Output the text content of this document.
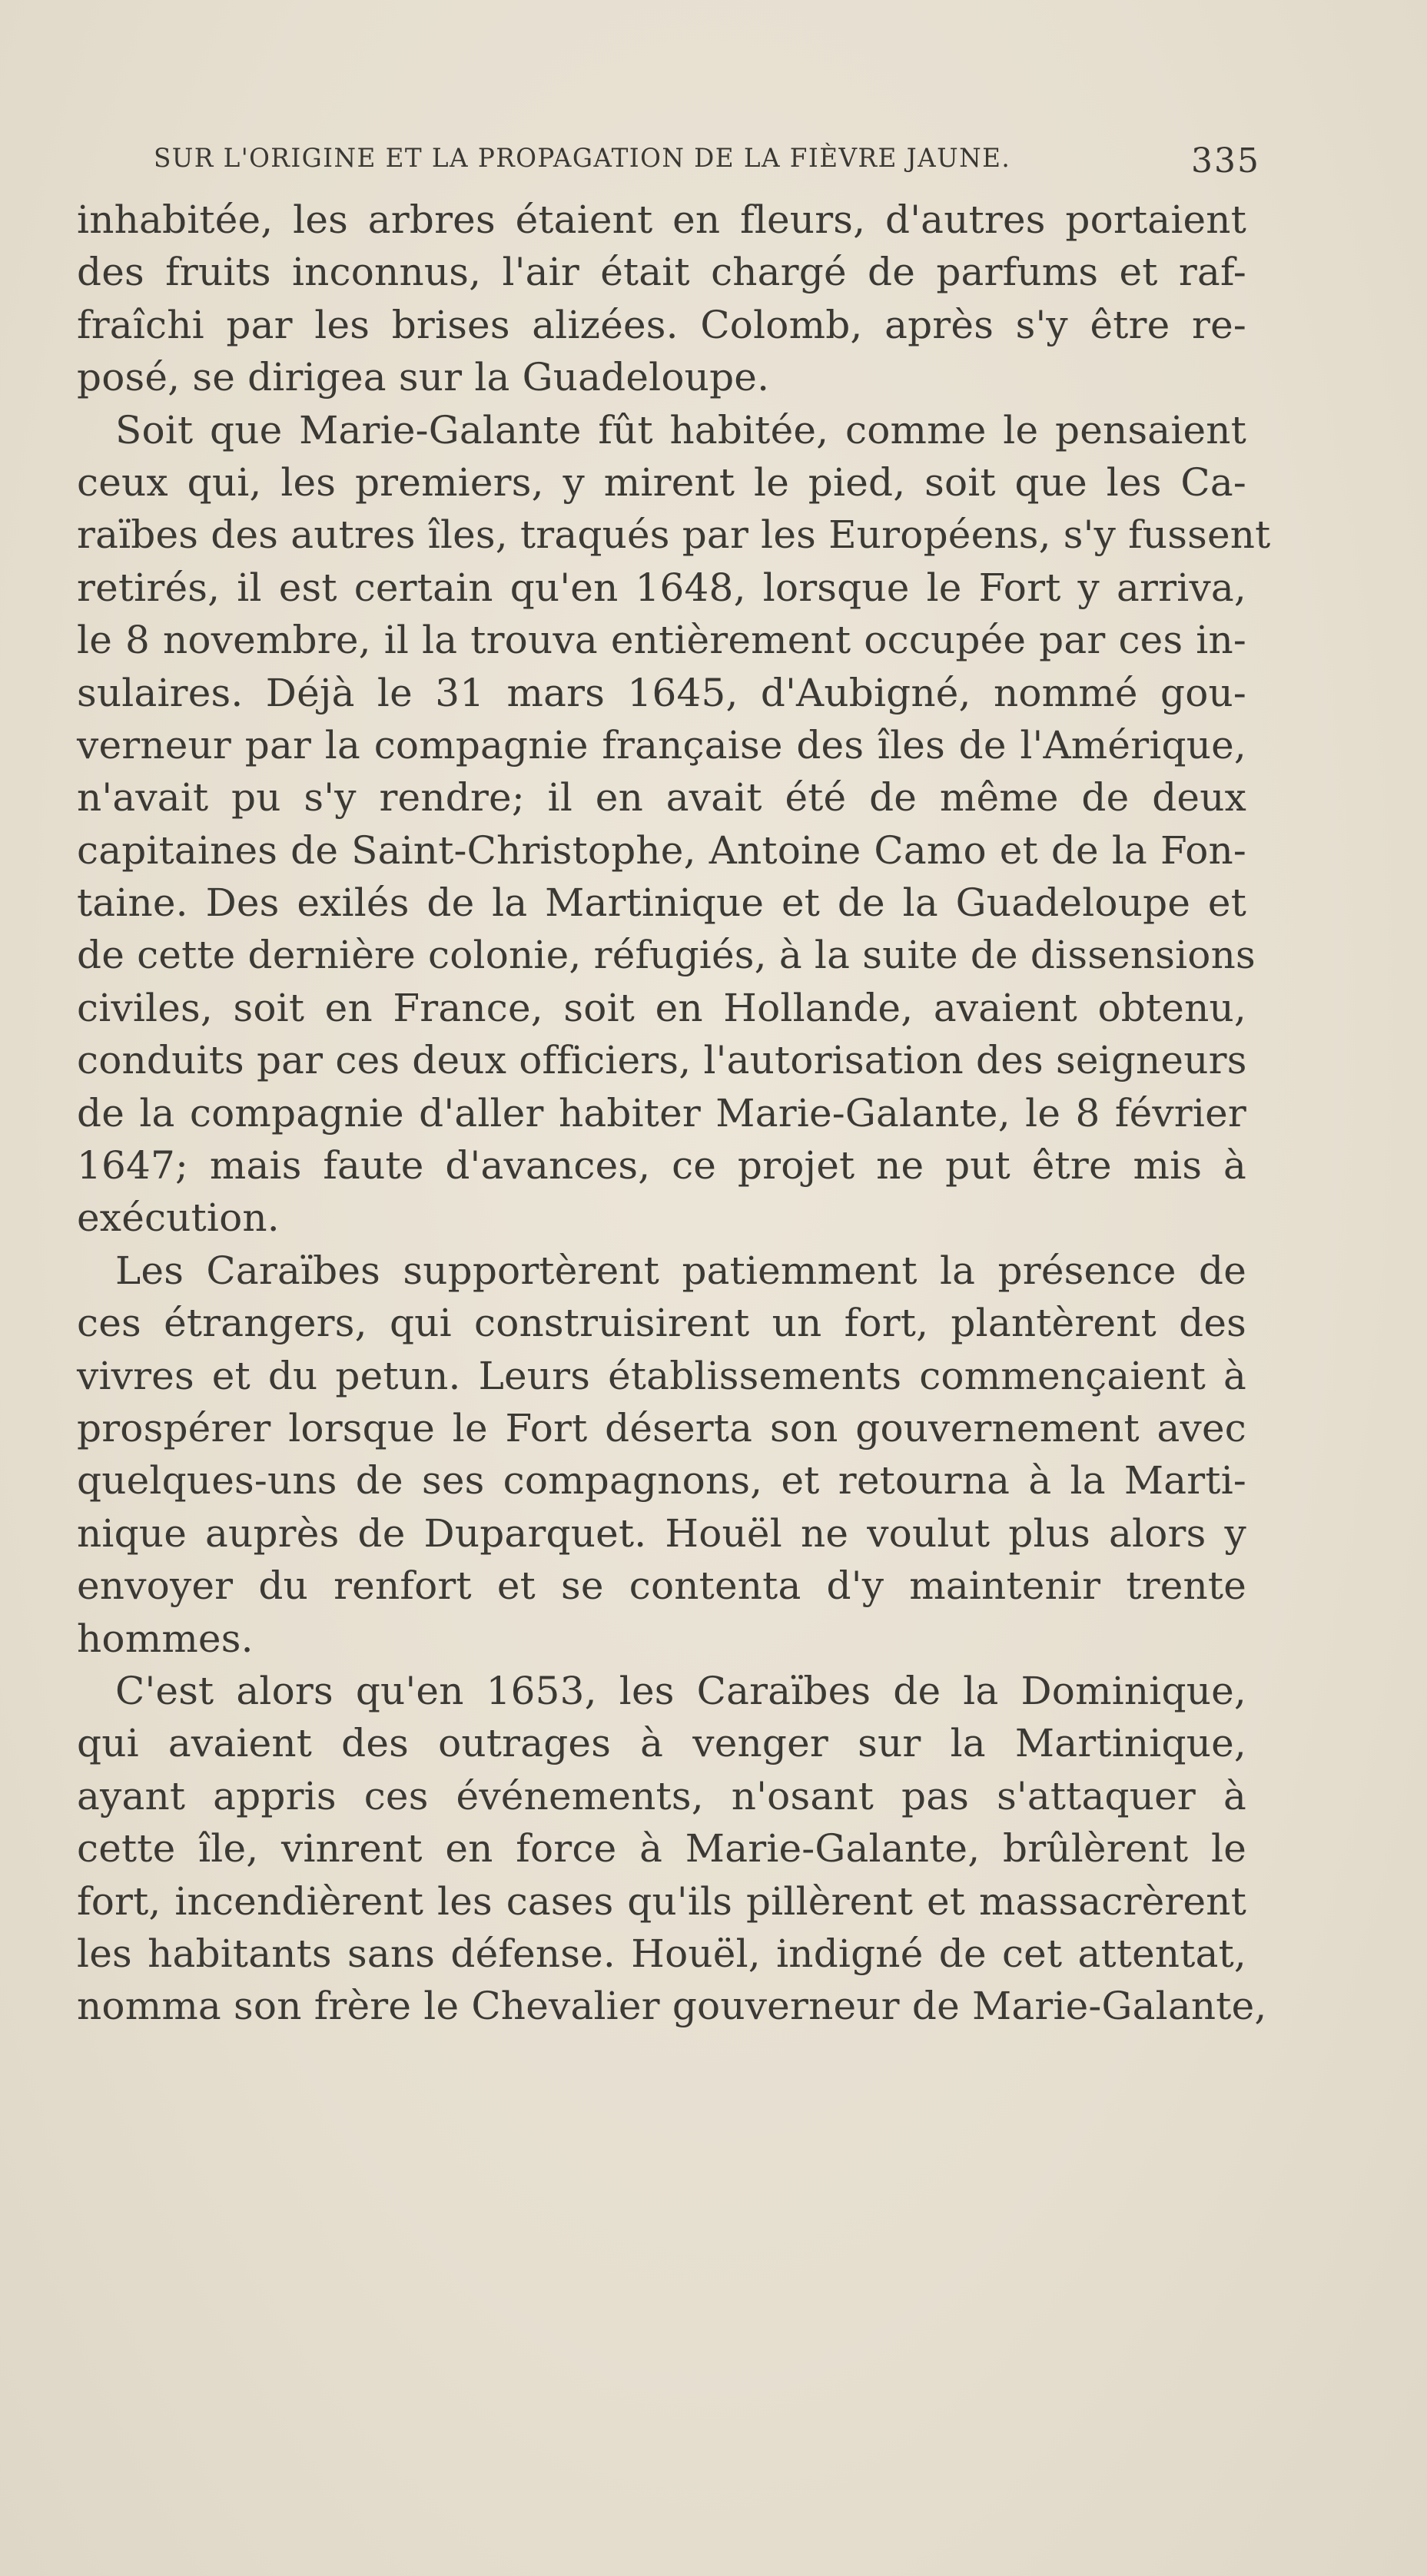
SUR L'ORIGINE ET LA PROPAGATION DE LA FIÈVRE JAUNE.	335
inhabitée, les arbres étaient en fleurs, d'autres portaient
des fruits inconnus, l'air était chargé de parfums et raf-
fraîchi par les brises alizées. Colomb, après s'y être re-
posé, se dirigea sur la Guadeloupe.
Soit que Marie-Galante fût habitée, comme le pensaient
ceux qui, les premiers, y mirent le pied, soit que les Ca-
raïbes des autres îles, traqués par les Européens, s'y fussent
retirés, il est certain qu'en 1648, lorsque le Fort y arriva,
le 8 novembre, il la trouva entièrement occupée par ces in-
sulaires. Déjà le 31 mars 1645, d'Aubigné, nommé gou-
verneur par la compagnie française des îles de l'Amérique,
n'avait pu s'y rendre; il en avait été de même de deux
capitaines de Saint-Christophe, Antoine Camo et de la Fon-
taine. Des exilés de la Martinique et de la Guadeloupe et
de cette dernière colonie, réfugiés, à la suite de dissensions
civiles, soit en France, soit en Hollande, avaient obtenu,
conduits par ces deux officiers, l'autorisation des seigneurs
de la compagnie d'aller habiter Marie-Galante, le 8 février
1647; mais faute d'avances, ce projet ne put être mis à
exécution.
Les Caraïbes supportèrent patiemment la présence de
ces étrangers, qui construisirent un fort, plantèrent des
vivres et du petun. Leurs établissements commençaient à
prospérer lorsque le Fort déserta son gouvernement avec
quelques-uns de ses compagnons, et retourna à la Marti-
nique auprès de Duparquet. Houël ne voulut plus alors y
envoyer du renfort et se contenta d'y maintenir trente
hommes.
C'est alors qu'en 1653, les Caraïbes de la Dominique,
qui avaient des outrages à venger sur la Martinique,
ayant appris ces événements, n'osant pas s'attaquer à
cette île, vinrent en force à Marie-Galante, brûlèrent le
fort, incendièrent les cases qu'ils pillèrent et massacrèrent
les habitants sans défense. Houël, indigné de cet attentat,
nomma son frère le Chevalier gouverneur de Marie-Galante,
